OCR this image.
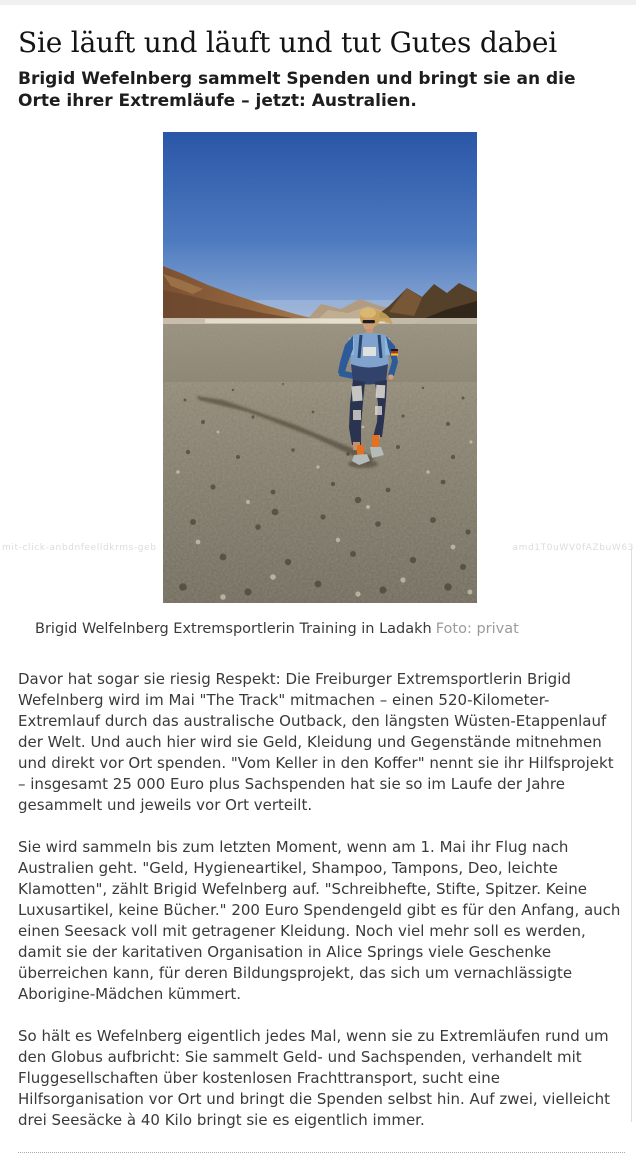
Sie läuft und läuft und tut Gutes dabei

Brigid Wefelnberg sammelt Spenden und bringt sie an die Orte ihrer Extremläufe – jetzt: Australien.

Brigid Welfelnberg Extremsportlerin Training in Ladakh Foto: privat

Davor hat sogar sie riesig Respekt: Die Freiburger Extremsportlerin Brigid Wefelnberg wird im Mai "The Track" mitmachen – einen 520-Kilometer-Extremlauf durch das australische Outback, den längsten Wüsten-Etappenlauf der Welt. Und auch hier wird sie Geld, Kleidung und Gegenstände mitnehmen und direkt vor Ort spenden. "Vom Keller in den Koffer" nennt sie ihr Hilfsprojekt – insgesamt 25 000 Euro plus Sachspenden hat sie so im Laufe der Jahre gesammelt und jeweils vor Ort verteilt.

Sie wird sammeln bis zum letzten Moment, wenn am 1. Mai ihr Flug nach Australien geht. "Geld, Hygieneartikel, Shampoo, Tampons, Deo, leichte Klamotten", zählt Brigid Wefelnberg auf. "Schreibhefte, Stifte, Spitzer. Keine Luxusartikel, keine Bücher." 200 Euro Spendengeld gibt es für den Anfang, auch einen Seesack voll mit getragener Kleidung. Noch viel mehr soll es werden, damit sie der karitativen Organisation in Alice Springs viele Geschenke überreichen kann, für deren Bildungsprojekt, das sich um vernachlässigte Aborigine-Mädchen kümmert.

So hält es Wefelnberg eigentlich jedes Mal, wenn sie zu Extremläufen rund um den Globus aufbricht: Sie sammelt Geld- und Sachspenden, verhandelt mit Fluggesellschaften über kostenlosen Frachttransport, sucht eine Hilfsorganisation vor Ort und bringt die Spenden selbst hin. Auf zwei, vielleicht drei Seesäcke à 40 Kilo bringt sie es eigentlich immer.

mit-click-anbdnfeelldkrms-geb	amd1T0uWV0fAZbuW63
